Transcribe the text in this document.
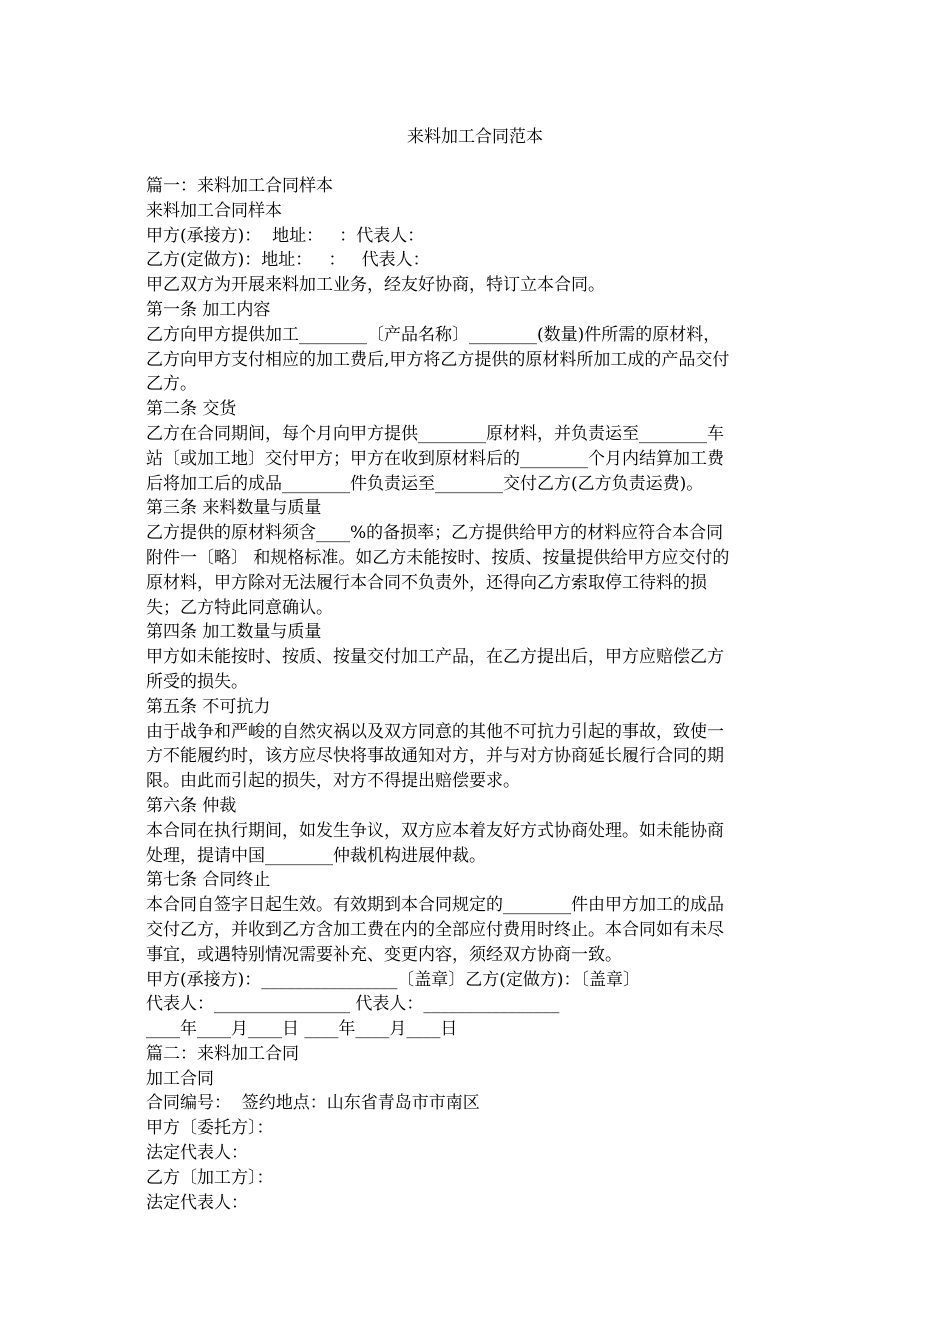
来料加工合同范本
篇一：来料加工合同样本
来料加工合同样本
甲方(承接方)：  地址：   ：代表人：
乙方(定做方)：地址：   ：   代表人：
甲乙双方为开展来料加工业务，经友好协商，特订立本合同。
第一条 加工内容
乙方向甲方提供加工________〔产品名称〕________(数量)件所需的原材料，
乙方向甲方支付相应的加工费后,甲方将乙方提供的原材料所加工成的产品交付
乙方。
第二条 交货
乙方在合同期间，每个月向甲方提供________原材料，并负责运至________车
站〔或加工地〕交付甲方；甲方在收到原材料后的________个月内结算加工费
后将加工后的成品________件负责运至________交付乙方(乙方负责运费)。
第三条 来料数量与质量
乙方提供的原材料须含____%的备损率；乙方提供给甲方的材料应符合本合同
附件一〔略〕 和规格标准。如乙方未能按时、按质、按量提供给甲方应交付的
原材料，甲方除对无法履行本合同不负责外，还得向乙方索取停工待料的损
失；乙方特此同意确认。
第四条 加工数量与质量
甲方如未能按时、按质、按量交付加工产品，在乙方提出后，甲方应赔偿乙方
所受的损失。
第五条 不可抗力
由于战争和严峻的自然灾祸以及双方同意的其他不可抗力引起的事故，致使一
方不能履约时，该方应尽快将事故通知对方，并与对方协商延长履行合同的期
限。由此而引起的损失，对方不得提出赔偿要求。
第六条 仲裁
本合同在执行期间，如发生争议，双方应本着友好方式协商处理。如未能协商
处理，提请中国________仲裁机构进展仲裁。
第七条 合同终止
本合同自签字日起生效。有效期到本合同规定的________件由甲方加工的成品
交付乙方，并收到乙方含加工费在内的全部应付费用时终止。本合同如有未尽
事宜，或遇特别情况需要补充、变更内容，须经双方协商一致。
甲方(承接方)：________________〔盖章〕乙方(定做方)：〔盖章〕
代表人：________________ 代表人：________________
____年____月____日 ____年____月____日
篇二：来料加工合同
加工合同
合同编号：  签约地点：山东省青岛市市南区
甲方〔委托方〕：
法定代表人：
乙方〔加工方〕：
法定代表人：
